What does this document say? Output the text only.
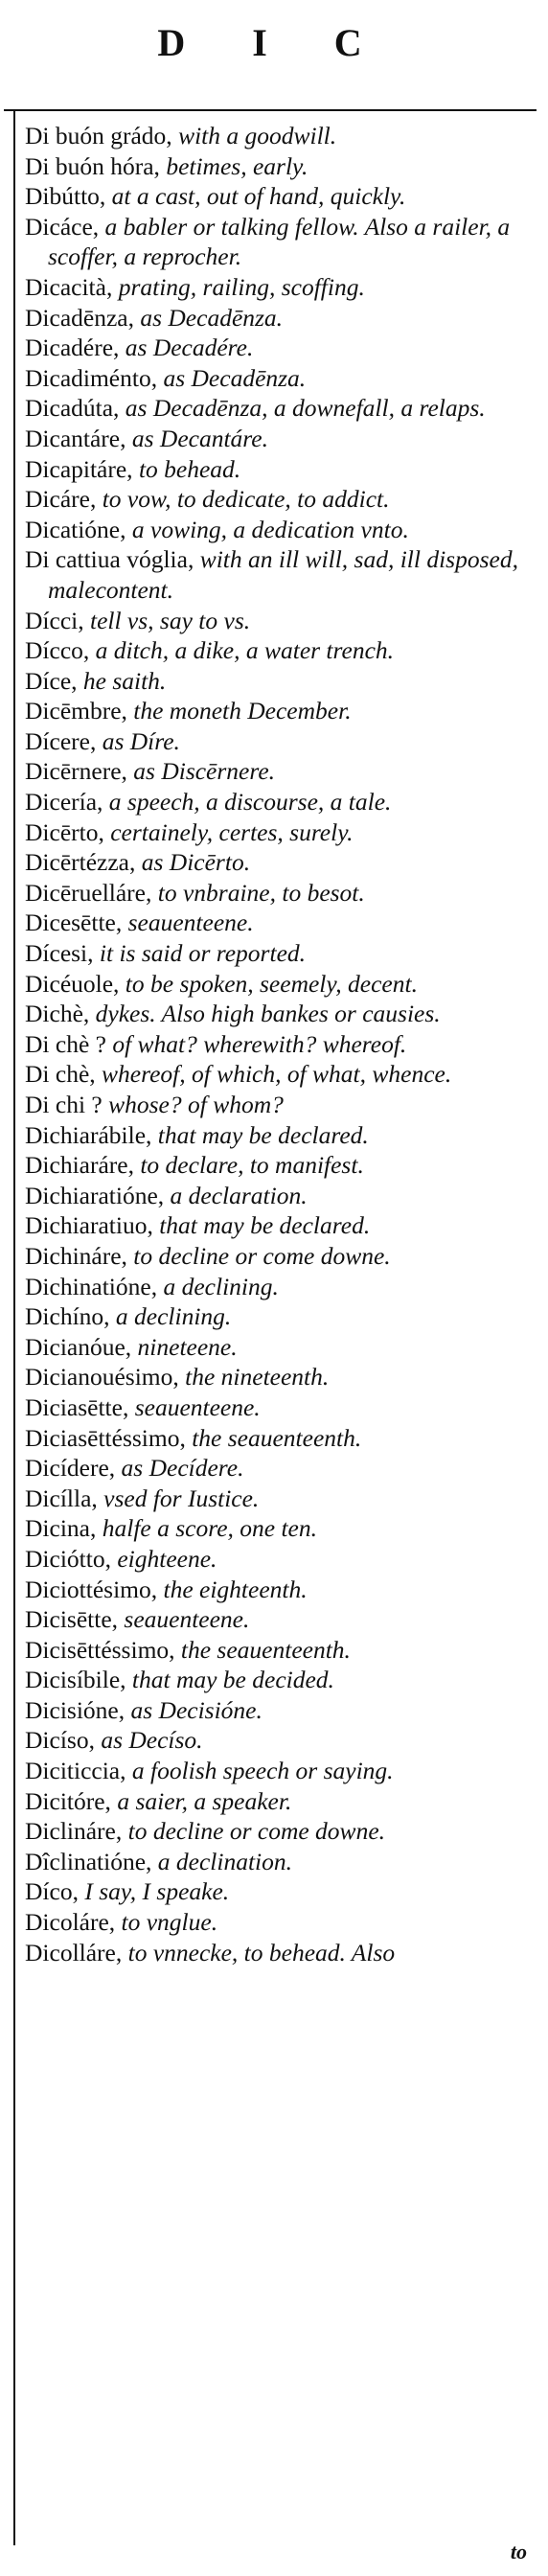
D I C
Di buón grádo, with a goodwill.
Di buón hóra, betimes, early.
Dibútto, at a cast, out of hand, quickly.
Dicáce, a babler or talking fellow. Also a railer, a scoffer, a reprocher.
Dicacità, prating, railing, scoffing.
Dicadēnza, as Decadēnza.
Dicadére, as Decadére.
Dicadiménto, as Decadēnza.
Dicadúta, as Decadēnza, a downefall, a relaps.
Dicantáre, as Decantáre.
Dicapitáre, to behead.
Dicáre, to vow, to dedicate, to addict.
Dicatióne, a vowing, a dedication vnto.
Di cattiua vóglia, with an ill will, sad, ill disposed, malecontent.
Dícci, tell vs, say to vs.
Dícco, a ditch, a dike, a water trench.
Díce, he saith.
Dicēmbre, the moneth December.
Dícere, as Díre.
Dicērnere, as Discērnere.
Dicería, a speech, a discourse, a tale.
Dicērto, certainely, certes, surely.
Dicērtézza, as Dicērto.
Dicēruelláre, to vnbraine, to besot.
Dicesētte, seauenteene.
Dícesi, it is said or reported.
Dicéuole, to be spoken, seemely, decent.
Dichè, dykes. Also high bankes or causies.
Di chè ? of what? wherewith? whereof.
Di chè, whereof, of which, of what, whence.
Di chi ? whose? of whom?
Dichiarábile, that may be declared.
Dichiaráre, to declare, to manifest.
Dichiaratióne, a declaration.
Dichiaratiuo, that may be declared.
Dichináre, to decline or come downe.
Dichinatióne, a declining.
Dichíno, a declining.
Dicianóue, nineteene.
Dicianouésimo, the nineteenth.
Diciasētte, seauenteene.
Diciasēttéssimo, the seauenteenth.
Dicídere, as Decídere.
Dicílla, vsed for Iustice.
Dicina, halfe a score, one ten.
Diciótto, eighteene.
Diciottésimo, the eighteenth.
Dicisētte, seauenteene.
Dicisēttéssimo, the seauenteenth.
Dicisíbile, that may be decided.
Dicisióne, as Decisióne.
Dicíso, as Decíso.
Diciticcia, a foolish speech or saying.
Dicitóre, a saier, a speaker.
Diclináre, to decline or come downe.
Dîclinatióne, a declination.
Díco, I say, I speake.
Dicoláre, to vnglue.
Dicolláre, to vnnecke, to behead. Also
to
